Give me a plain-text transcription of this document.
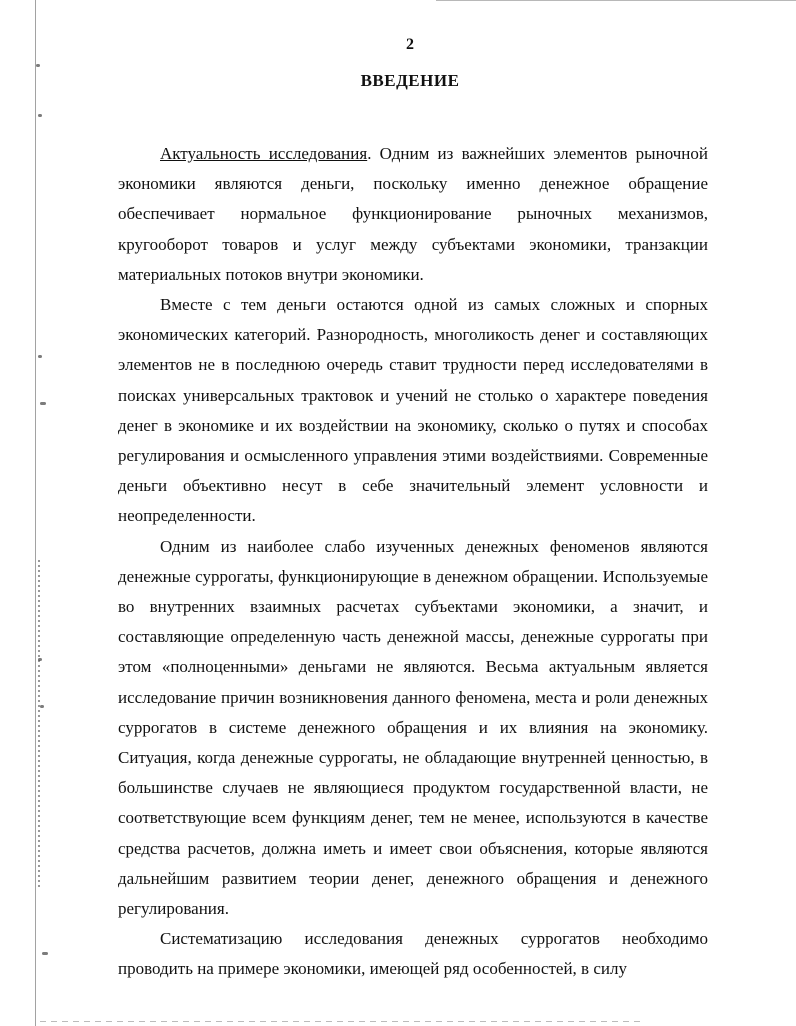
2
ВВЕДЕНИЕ

Актуальность исследования. Одним из важнейших элементов рыночной экономики являются деньги, поскольку именно денежное обращение обеспечивает нормальное функционирование рыночных механизмов, кругооборот товаров и услуг между субъектами экономики, транзакции материальных потоков внутри экономики.

Вместе с тем деньги остаются одной из самых сложных и спорных экономических категорий. Разнородность, многоликость денег и составляющих элементов не в последнюю очередь ставит трудности перед исследователями в поисках универсальных трактовок и учений не столько о характере поведения денег в экономике и их воздействии на экономику, сколько о путях и способах регулирования и осмысленного управления этими воздействиями. Современные деньги объективно несут в себе значительный элемент условности и неопределенности.

Одним из наиболее слабо изученных денежных феноменов являются денежные суррогаты, функционирующие в денежном обращении. Используемые во внутренних взаимных расчетах субъектами экономики, а значит, и составляющие определенную часть денежной массы, денежные суррогаты при этом «полноценными» деньгами не являются. Весьма актуальным является исследование причин возникновения данного феномена, места и роли денежных суррогатов в системе денежного обращения и их влияния на экономику. Ситуация, когда денежные суррогаты, не обладающие внутренней ценностью, в большинстве случаев не являющиеся продуктом государственной власти, не соответствующие всем функциям денег, тем не менее, используются в качестве средства расчетов, должна иметь и имеет свои объяснения, которые являются дальнейшим развитием теории денег, денежного обращения и денежного регулирования.

Систематизацию исследования денежных суррогатов необходимо проводить на примере экономики, имеющей ряд особенностей, в силу
